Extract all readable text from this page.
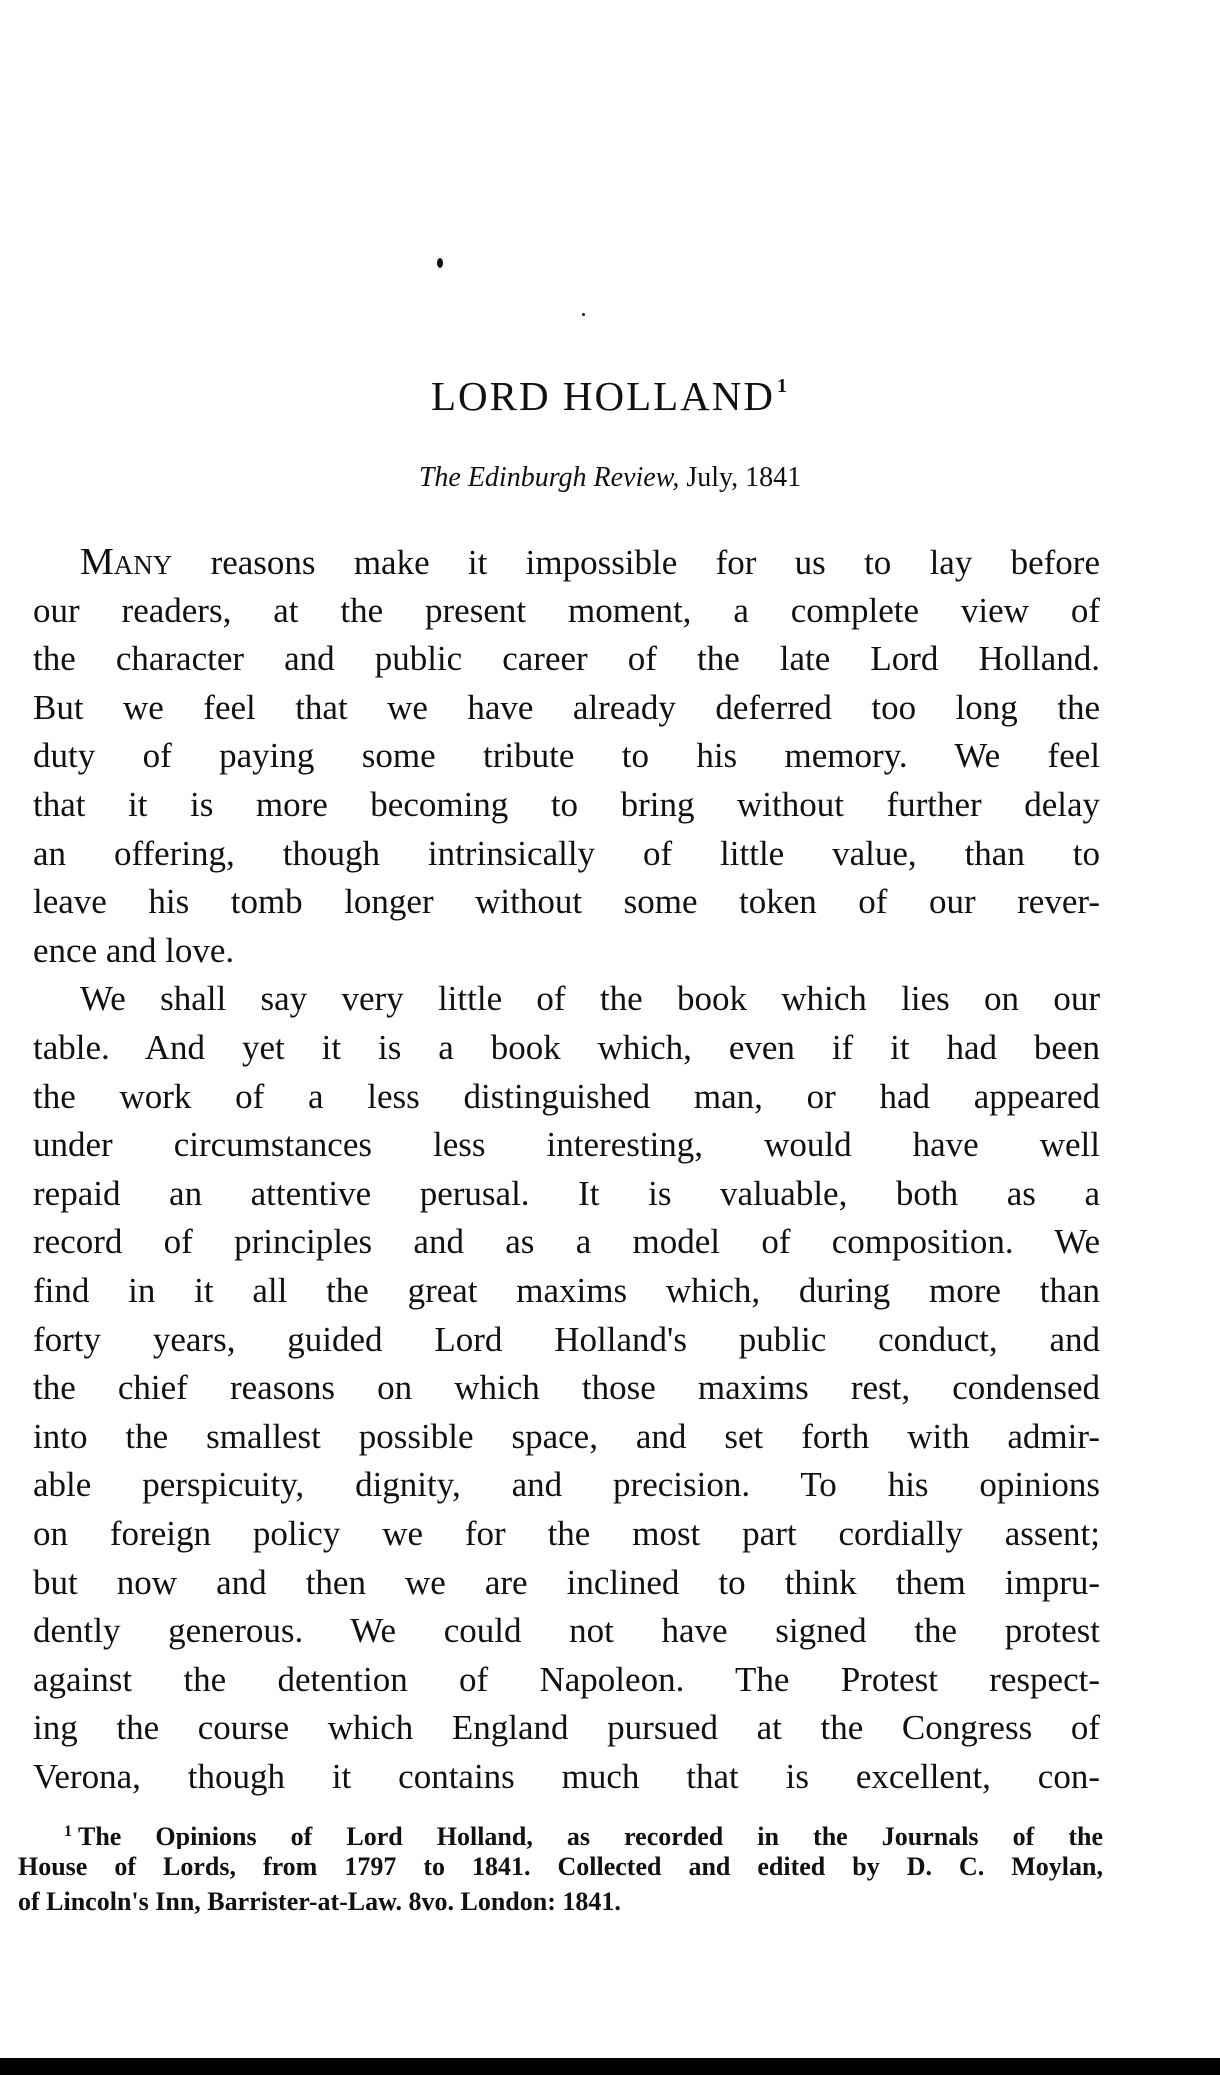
LORD HOLLAND $^1$
The Edinburgh Review, July, 1841
Many reasons make it impossible for us to lay before
our readers, at the present moment, a complete view of
the character and public career of the late Lord Holland.
But we feel that we have already deferred too long the
duty of paying some tribute to his memory. We feel
that it is more becoming to bring without further delay
an offering, though intrinsically of little value, than to
leave his tomb longer without some token of our rever-
ence and love.
We shall say very little of the book which lies on our
table. And yet it is a book which, even if it had been
the work of a less distinguished man, or had appeared
under circumstances less interesting, would have well
repaid an attentive perusal. It is valuable, both as a
record of principles and as a model of composition. We
find in it all the great maxims which, during more than
forty years, guided Lord Holland's public conduct, and
the chief reasons on which those maxims rest, condensed
into the smallest possible space, and set forth with admir-
able perspicuity, dignity, and precision. To his opinions
on foreign policy we for the most part cordially assent;
but now and then we are inclined to think them impru-
dently generous. We could not have signed the protest
against the detention of Napoleon. The Protest respect-
ing the course which England pursued at the Congress of
Verona, though it contains much that is excellent, con-
$^1$ The Opinions of Lord Holland, as recorded in the Journals of the
House of Lords, from 1797 to 1841. Collected and edited by D. C. Moylan,
of Lincoln's Inn, Barrister-at-Law. 8vo. London: 1841.
